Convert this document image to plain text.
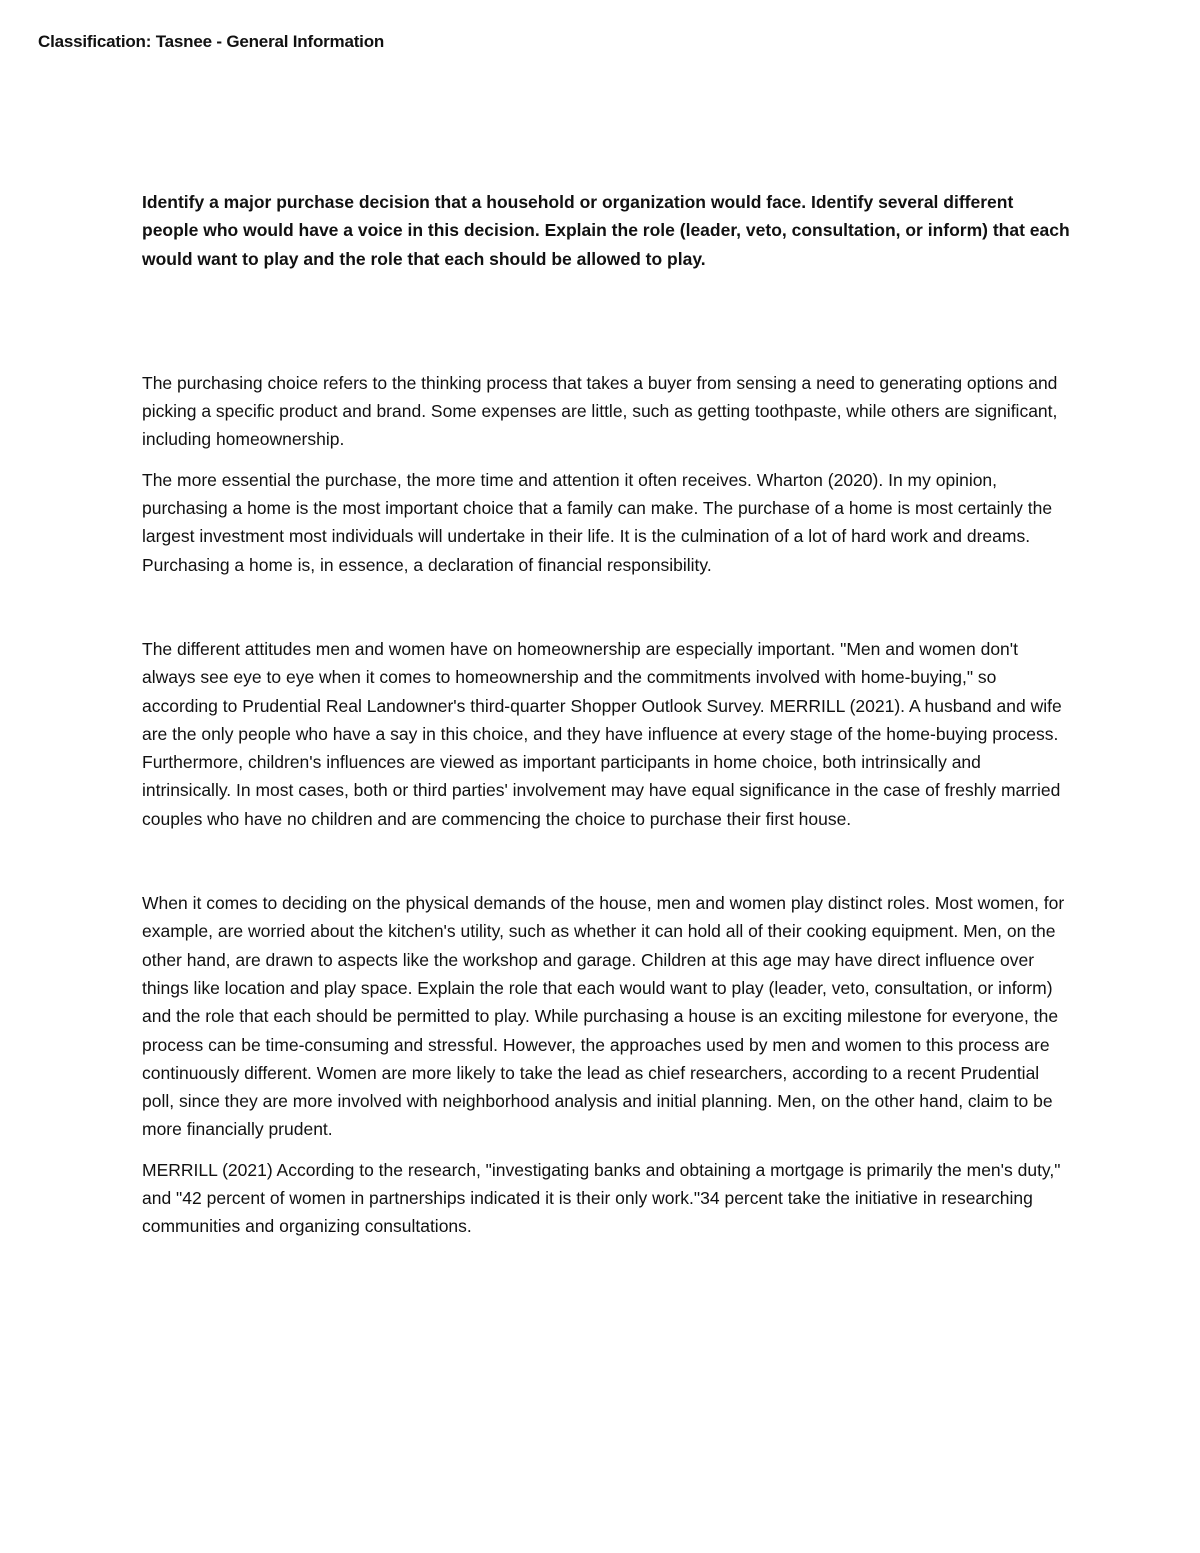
Classification: Tasnee - General Information

Identify a major purchase decision that a household or organization would face. Identify several different people who would have a voice in this decision. Explain the role (leader, veto, consultation, or inform) that each would want to play and the role that each should be allowed to play.

The purchasing choice refers to the thinking process that takes a buyer from sensing a need to generating options and picking a specific product and brand. Some expenses are little, such as getting toothpaste, while others are significant, including homeownership.

The more essential the purchase, the more time and attention it often receives. Wharton (2020). In my opinion, purchasing a home is the most important choice that a family can make. The purchase of a home is most certainly the largest investment most individuals will undertake in their life. It is the culmination of a lot of hard work and dreams. Purchasing a home is, in essence, a declaration of financial responsibility.

The different attitudes men and women have on homeownership are especially important. "Men and women don't always see eye to eye when it comes to homeownership and the commitments involved with home-buying," so according to Prudential Real Landowner's third-quarter Shopper Outlook Survey. MERRILL (2021). A husband and wife are the only people who have a say in this choice, and they have influence at every stage of the home-buying process. Furthermore, children's influences are viewed as important participants in home choice, both intrinsically and intrinsically. In most cases, both or third parties' involvement may have equal significance in the case of freshly married couples who have no children and are commencing the choice to purchase their first house.

When it comes to deciding on the physical demands of the house, men and women play distinct roles. Most women, for example, are worried about the kitchen's utility, such as whether it can hold all of their cooking equipment. Men, on the other hand, are drawn to aspects like the workshop and garage. Children at this age may have direct influence over things like location and play space. Explain the role that each would want to play (leader, veto, consultation, or inform) and the role that each should be permitted to play. While purchasing a house is an exciting milestone for everyone, the process can be time-consuming and stressful. However, the approaches used by men and women to this process are continuously different. Women are more likely to take the lead as chief researchers, according to a recent Prudential poll, since they are more involved with neighborhood analysis and initial planning. Men, on the other hand, claim to be more financially prudent.

MERRILL (2021) According to the research, "investigating banks and obtaining a mortgage is primarily the men's duty," and "42 percent of women in partnerships indicated it is their only work."34 percent take the initiative in researching communities and organizing consultations.
